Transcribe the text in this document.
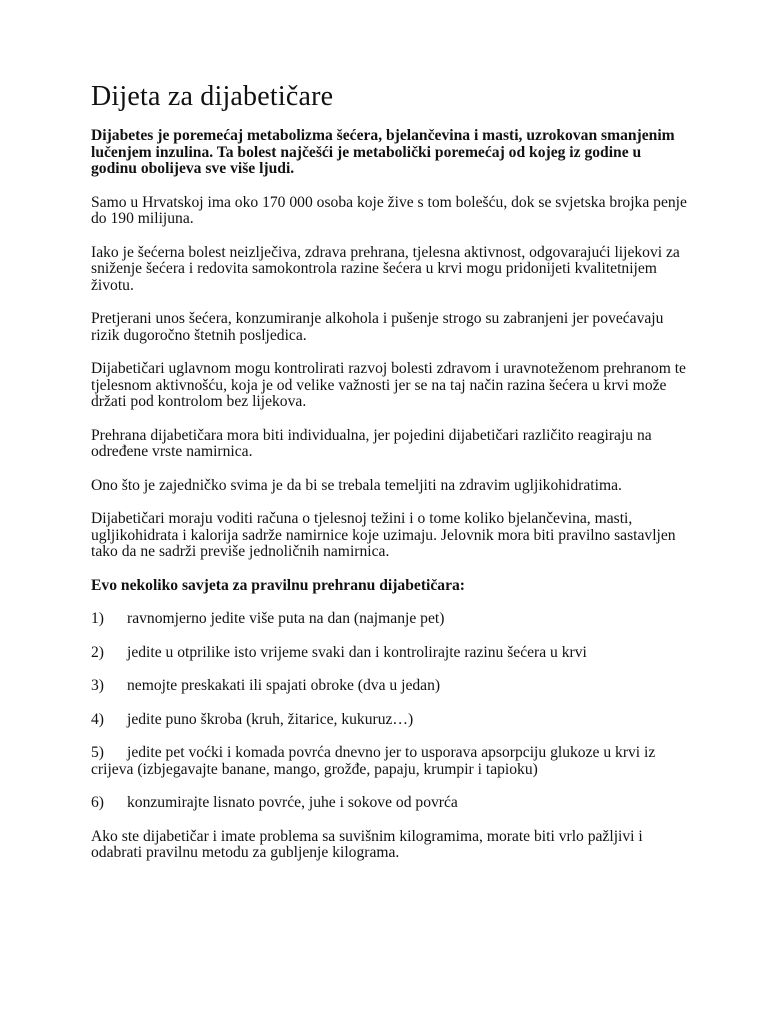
Dijeta za dijabetičare

Dijabetes je poremećaj metabolizma šećera, bjelančevina i masti, uzrokovan smanjenim lučenjem inzulina. Ta bolest najčešći je metabolički poremećaj od kojeg iz godine u godinu obolijeva sve više ljudi.

Samo u Hrvatskoj ima oko 170 000 osoba koje žive s tom bolešću, dok se svjetska brojka penje do 190 milijuna.

Iako je šećerna bolest neizlječiva, zdrava prehrana, tjelesna aktivnost, odgovarajući lijekovi za sniženje šećera i redovita samokontrola razine šećera u krvi mogu pridonijeti kvalitetnijem životu.

Pretjerani unos šećera, konzumiranje alkohola i pušenje strogo su zabranjeni jer povećavaju rizik dugoročno štetnih posljedica.

Dijabetičari uglavnom mogu kontrolirati razvoj bolesti zdravom i uravnoteženom prehranom te tjelesnom aktivnošću, koja je od velike važnosti jer se na taj način razina šećera u krvi može držati pod kontrolom bez lijekova.

Prehrana dijabetičara mora biti individualna, jer pojedini dijabetičari različito reagiraju na određene vrste namirnica.

Ono što je zajedničko svima je da bi se trebala temeljiti na zdravim ugljikohidratima.

Dijabetičari moraju voditi računa o tjelesnoj težini i o tome koliko bjelančevina, masti, ugljikohidrata i kalorija sadrže namirnice koje uzimaju. Jelovnik mora biti pravilno sastavljen tako da ne sadrži previše jednoličnih namirnica.

Evo nekoliko savjeta za pravilnu prehranu dijabetičara:

1)	ravnomjerno jedite više puta na dan (najmanje pet)
2)	jedite u otprilike isto vrijeme svaki dan i kontrolirajte razinu šećera u krvi
3)	nemojte preskakati ili spajati obroke (dva u jedan)
4)	jedite puno škroba (kruh, žitarice, kukuruz…)
5) jedite pet voćki i komada povrća dnevno jer to usporava apsorpciju glukoze u krvi iz crijeva (izbjegavajte banane, mango, grožđe, papaju, krumpir i tapioku)
6)	konzumirajte lisnato povrće, juhe i sokove od povrća

Ako ste dijabetičar i imate problema sa suvišnim kilogramima, morate biti vrlo pažljivi i odabrati pravilnu metodu za gubljenje kilograma.
